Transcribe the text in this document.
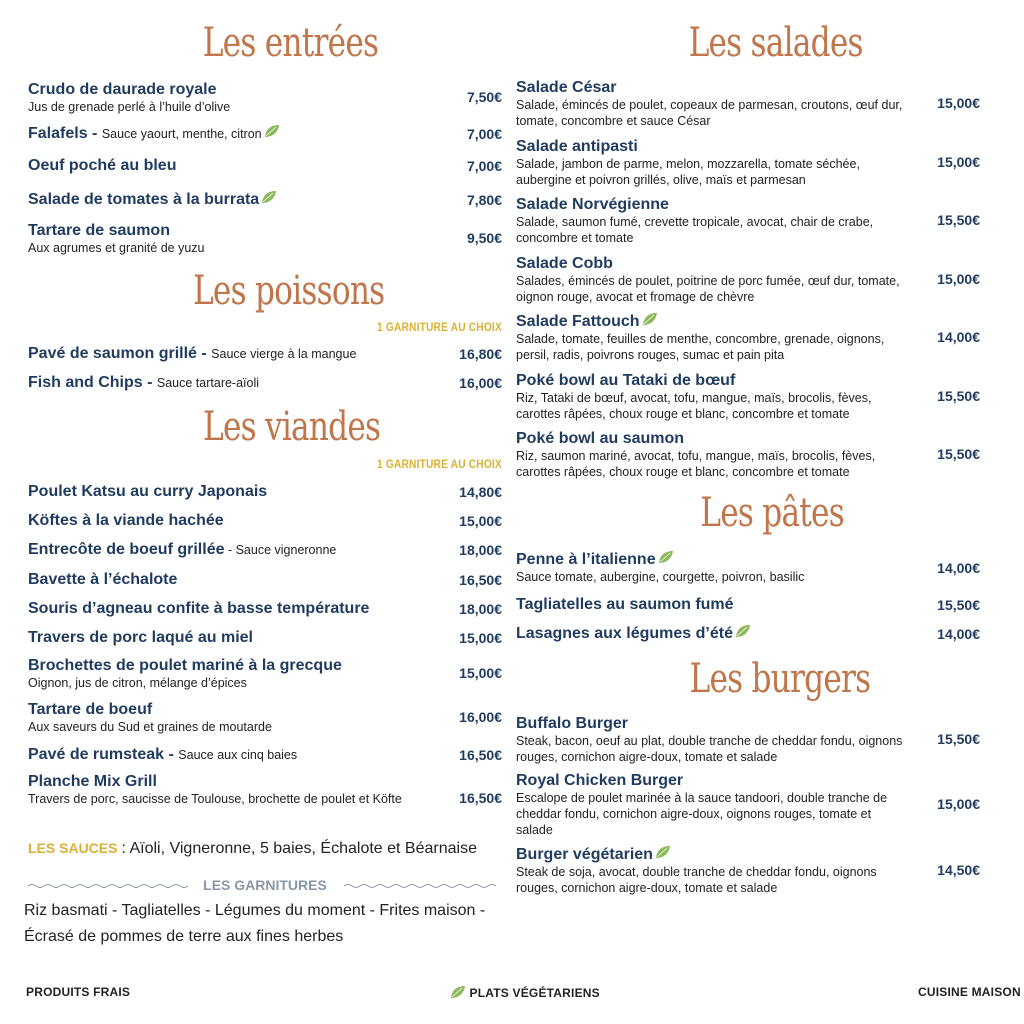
Les entrées
Les poissons
1 GARNITURE AU CHOIX
Les viandes
1 GARNITURE AU CHOIX
Crudo de daurade royale
Jus de grenade perlé à l’huile d’olive
7,50€
Falafels - Sauce yaourt, menthe, citron	7,00€
Oeuf poché au bleu	7,00€
Salade de tomates à la burrata	7,80€
Tartare de saumon
Aux agrumes et granité de yuzu
9,50€
Pavé de saumon grillé - Sauce vierge à la mangue	16,80€
Fish and Chips - Sauce tartare-aïoli	16,00€
Poulet Katsu au curry Japonais	14,80€
Köftes à la viande hachée	15,00€
Entrecôte de boeuf grillée - Sauce vigneronne	18,00€
Bavette à l’échalote	16,50€
Souris d’agneau confite à basse température	18,00€
Travers de porc laqué au miel	15,00€
Brochettes de poulet mariné à la grecque
Oignon, jus de citron, mélange d’épices
15,00€
Tartare de boeuf
Aux saveurs du Sud et graines de moutarde
16,00€
Pavé de rumsteak - Sauce aux cinq baies	16,50€
Planche Mix Grill
Travers de porc, saucisse de Toulouse, brochette de poulet et Köfte	16,50€
LES SAUCES : Aïoli, Vigneronne, 5 baies, Échalote et Béarnaise
LES GARNITURES
Riz basmati - Tagliatelles - Légumes du moment - Frites maison - Écrasé de pommes de terre aux fines herbes
Les salades
Les pâtes
Les burgers
Salade César
Salade, émincés de poulet, copeaux de parmesan, croutons, œuf dur, tomate, concombre et sauce César
15,00€
Salade antipasti
Salade, jambon de parme, melon, mozzarella, tomate séchée, aubergine et poivron grillés, olive, maïs et parmesan
15,00€
Salade Norvégienne
Salade, saumon fumé, crevette tropicale, avocat, chair de crabe, concombre et tomate
15,50€
Salade Cobb
Salades, émincés de poulet, poitrine de porc fumée, œuf dur, tomate, oignon rouge, avocat et fromage de chèvre
15,00€
Salade Fattouch
Salade, tomate, feuilles de menthe, concombre, grenade, oignons, persil, radis, poivrons rouges, sumac et pain pita
14,00€
Poké bowl au Tataki de bœuf
Riz, Tataki de bœuf, avocat, tofu, mangue, maïs, brocolis, fèves, carottes râpées, choux rouge et blanc, concombre et tomate
15,50€
Poké bowl au saumon
Riz, saumon mariné, avocat, tofu, mangue, maïs, brocolis, fèves, carottes râpées, choux rouge et blanc, concombre et tomate
15,50€
Penne à l’italienne
Sauce tomate, aubergine, courgette, poivron, basilic
14,00€
Tagliatelles au saumon fumé	15,50€
Lasagnes aux légumes d’été	14,00€
Buffalo Burger
Steak, bacon, oeuf au plat, double tranche de cheddar fondu, oignons rouges, cornichon aigre-doux, tomate et salade
15,50€
Royal Chicken Burger
Escalope de poulet marinée à la sauce tandoori, double tranche de cheddar fondu, cornichon aigre-doux, oignons rouges, tomate et salade
15,00€
Burger végétarien
Steak de soja, avocat, double tranche de cheddar fondu, oignons rouges, cornichon aigre-doux, tomate et salade
14,50€
PRODUITS FRAIS	PLATS VÉGÉTARIENS	CUISINE MAISON
